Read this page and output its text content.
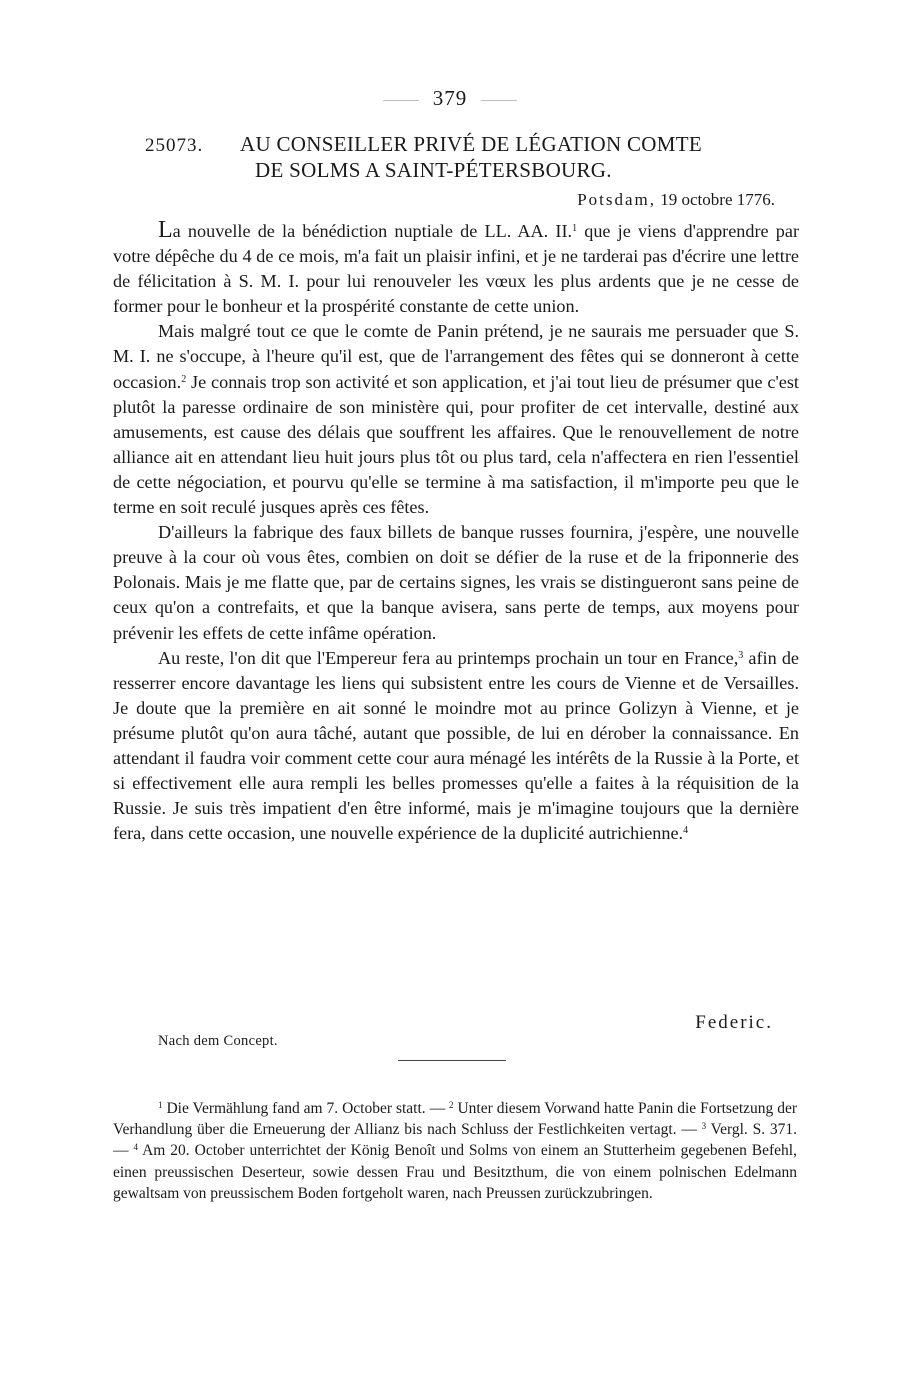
379
25073.	AU CONSEILLER PRIVÉ DE LÉGATION COMTE
DE SOLMS A SAINT-PÉTERSBOURG.
Potsdam, 19 octobre 1776.

La nouvelle de la bénédiction nuptiale de LL. AA. II.$^1$ que je viens d'apprendre par votre dépêche du 4 de ce mois, m'a fait un plaisir infini, et je ne tarderai pas d'écrire une lettre de félicitation à S. M. I. pour lui renouveler les vœux les plus ardents que je ne cesse de former pour le bonheur et la prospérité constante de cette union.

Mais malgré tout ce que le comte de Panin prétend, je ne saurais me persuader que S. M. I. ne s'occupe, à l'heure qu'il est, que de l'arrangement des fêtes qui se donneront à cette occasion.$^2$ Je connais trop son activité et son application, et j'ai tout lieu de présumer que c'est plutôt la paresse ordinaire de son ministère qui, pour profiter de cet intervalle, destiné aux amusements, est cause des délais que souffrent les affaires. Que le renouvellement de notre alliance ait en attendant lieu huit jours plus tôt ou plus tard, cela n'affectera en rien l'essentiel de cette négociation, et pourvu qu'elle se termine à ma satisfaction, il m'importe peu que le terme en soit reculé jusques après ces fêtes.

D'ailleurs la fabrique des faux billets de banque russes fournira, j'espère, une nouvelle preuve à la cour où vous êtes, combien on doit se défier de la ruse et de la friponnerie des Polonais. Mais je me flatte que, par de certains signes, les vrais se distingueront sans peine de ceux qu'on a contrefaits, et que la banque avisera, sans perte de temps, aux moyens pour prévenir les effets de cette infâme opération.

Au reste, l'on dit que l'Empereur fera au printemps prochain un tour en France,$^3$ afin de resserrer encore davantage les liens qui subsistent entre les cours de Vienne et de Versailles. Je doute que la première en ait sonné le moindre mot au prince Golizyn à Vienne, et je présume plutôt qu'on aura tâché, autant que possible, de lui en dérober la connaissance. En attendant il faudra voir comment cette cour aura ménagé les intérêts de la Russie à la Porte, et si effectivement elle aura rempli les belles promesses qu'elle a faites à la réquisition de la Russie. Je suis très impatient d'en être informé, mais je m'imagine toujours que la dernière fera, dans cette occasion, une nouvelle expérience de la duplicité autrichienne.$^4$

Federic.
Nach dem Concept.

$^1$ Die Vermählung fand am 7. October statt. — $^2$ Unter diesem Vorwand hatte Panin die Fortsetzung der Verhandlung über die Erneuerung der Allianz bis nach Schluss der Festlichkeiten vertagt. — $^3$ Vergl. S. 371. — $^4$ Am 20. October unterrichtet der König Benoît und Solms von einem an Stutterheim gegebenen Befehl, einen preussischen Deserteur, sowie dessen Frau und Besitzthum, die von einem polnischen Edelmann gewaltsam von preussischem Boden fortgeholt waren, nach Preussen zurückzubringen.
